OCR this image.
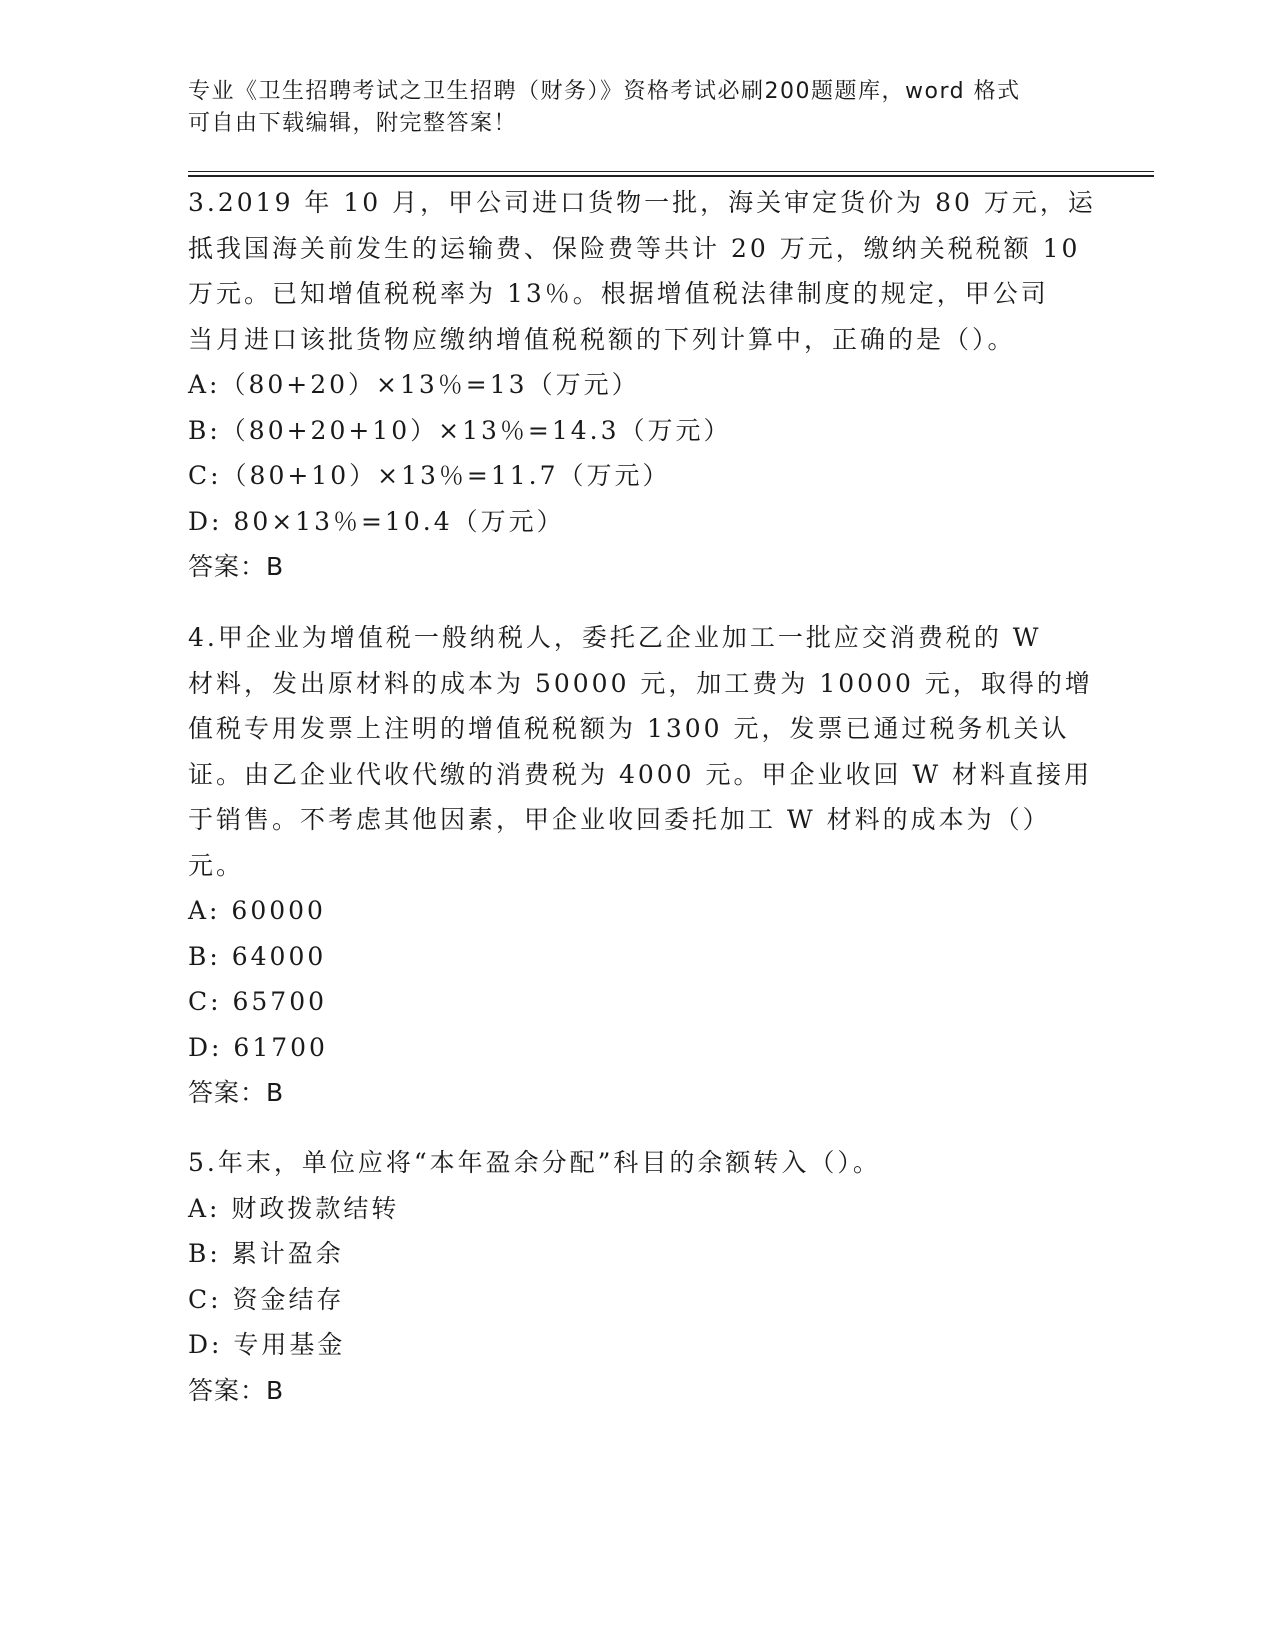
专业《卫生招聘考试之卫生招聘（财务）》资格考试必刷200题题库，word 格式
可自由下载编辑，附完整答案！
3.2019 年 10 月，甲公司进口货物一批，海关审定货价为 80 万元，运
抵我国海关前发生的运输费、保险费等共计 20 万元，缴纳关税税额 10
万元。已知增值税税率为 13％。根据增值税法律制度的规定，甲公司
当月进口该批货物应缴纳增值税税额的下列计算中，正确的是（）。
A:（80+20）×13％=13（万元）
B:（80+20+10）×13％=14.3（万元）
C:（80+10）×13％=11.7（万元）
D: 80×13％=10.4（万元）
答案：B
4.甲企业为增值税一般纳税人，委托乙企业加工一批应交消费税的 W
材料，发出原材料的成本为 50000 元，加工费为 10000 元，取得的增
值税专用发票上注明的增值税税额为 1300 元，发票已通过税务机关认
证。由乙企业代收代缴的消费税为 4000 元。甲企业收回 W 材料直接用
于销售。不考虑其他因素，甲企业收回委托加工 W 材料的成本为（）
元。
A: 60000
B: 64000
C: 65700
D: 61700
答案：B
5.年末，单位应将“本年盈余分配”科目的余额转入（）。
A: 财政拨款结转
B: 累计盈余
C: 资金结存
D: 专用基金
答案：B
